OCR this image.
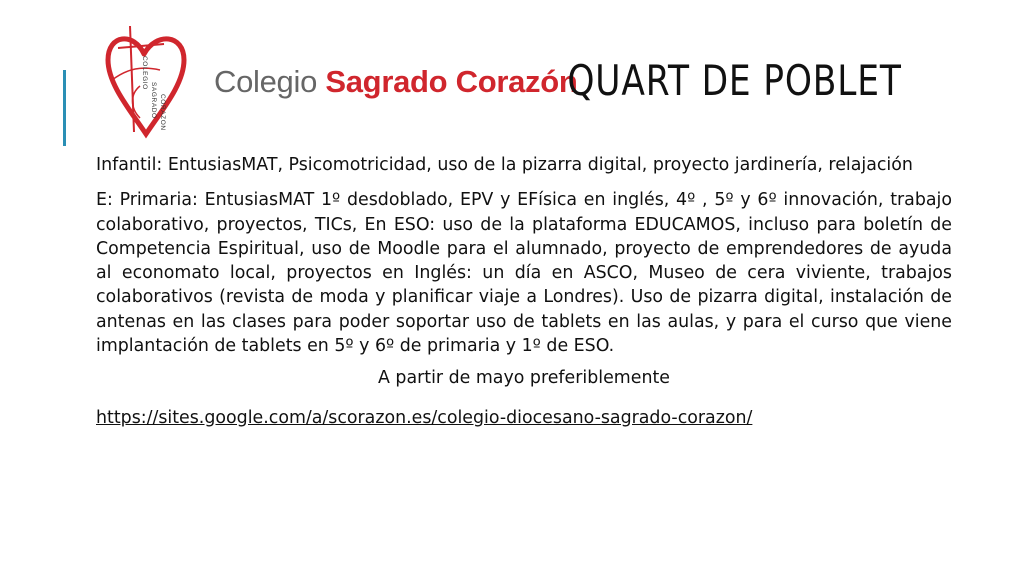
COLEGIO
SAGRADO CORAZON
Colegio Sagrado Corazón
QUART DE POBLET

Infantil: EntusiasMAT, Psicomotricidad, uso de la pizarra digital, proyecto jardinería, relajación

E: Primaria: EntusiasMAT 1º desdoblado, EPV y EFísica en inglés, 4º , 5º y 6º innovación, trabajo colaborativo, proyectos, TICs, En ESO: uso de la plataforma EDUCAMOS, incluso para boletín de Competencia Espiritual, uso de Moodle para el alumnado, proyecto de emprendedores de ayuda al economato local, proyectos en Inglés: un día en ASCO, Museo de cera viviente, trabajos colaborativos (revista de moda y planificar viaje a Londres). Uso de pizarra digital, instalación de antenas en las clases para poder soportar uso de tablets en las aulas, y para el curso que viene implantación de tablets en 5º y 6º de primaria y 1º de ESO.

A partir de mayo preferiblemente

https://sites.google.com/a/scorazon.es/colegio-diocesano-sagrado-corazon/
